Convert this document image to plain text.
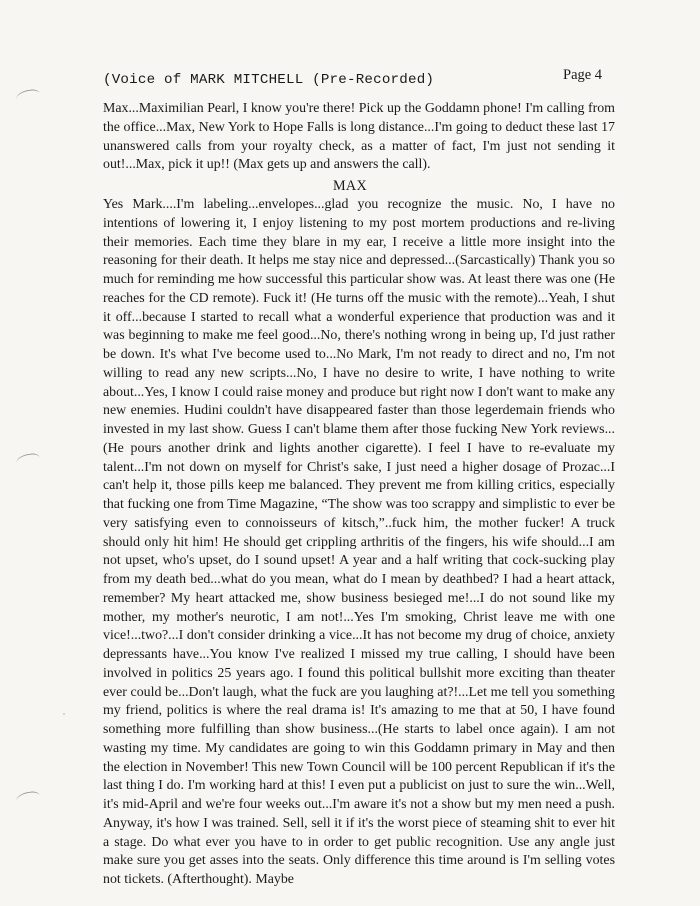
(Voice of MARK MITCHELL (Pre-Recorded)	Page 4
Max...Maximilian Pearl, I know you're there! Pick up the Goddamn phone! I'm calling from the office...Max, New York to Hope Falls is long distance...I'm going to deduct these last 17 unanswered calls from your royalty check, as a matter of fact, I'm just not sending it out!...Max, pick it up!! (Max gets up and answers the call).
MAX
Yes Mark....I'm labeling...envelopes...glad you recognize the music. No, I have no intentions of lowering it, I enjoy listening to my post mortem productions and re-living their memories. Each time they blare in my ear, I receive a little more insight into the reasoning for their death. It helps me stay nice and depressed...(Sarcastically) Thank you so much for reminding me how successful this particular show was. At least there was one (He reaches for the CD remote). Fuck it! (He turns off the music with the remote)...Yeah, I shut it off...because I started to recall what a wonderful experience that production was and it was beginning to make me feel good...No, there's nothing wrong in being up, I'd just rather be down. It's what I've become used to...No Mark, I'm not ready to direct and no, I'm not willing to read any new scripts...No, I have no desire to write, I have nothing to write about...Yes, I know I could raise money and produce but right now I don't want to make any new enemies. Hudini couldn't have disappeared faster than those legerdemain friends who invested in my last show. Guess I can't blame them after those fucking New York reviews...(He pours another drink and lights another cigarette). I feel I have to re-evaluate my talent...I'm not down on myself for Christ's sake, I just need a higher dosage of Prozac...I can't help it, those pills keep me balanced. They prevent me from killing critics, especially that fucking one from Time Magazine, “The show was too scrappy and simplistic to ever be very satisfying even to connoisseurs of kitsch,”..fuck him, the mother fucker! A truck should only hit him! He should get crippling arthritis of the fingers, his wife should...I am not upset, who's upset, do I sound upset! A year and a half writing that cock-sucking play from my death bed...what do you mean, what do I mean by deathbed? I had a heart attack, remember? My heart attacked me, show business besieged me!...I do not sound like my mother, my mother's neurotic, I am not!...Yes I'm smoking, Christ leave me with one vice!...two?...I don't consider drinking a vice...It has not become my drug of choice, anxiety depressants have...You know I've realized I missed my true calling, I should have been involved in politics 25 years ago. I found this political bullshit more exciting than theater ever could be...Don't laugh, what the fuck are you laughing at?!...Let me tell you something my friend, politics is where the real drama is! It's amazing to me that at 50, I have found something more fulfilling than show business...(He starts to label once again). I am not wasting my time. My candidates are going to win this Goddamn primary in May and then the election in November! This new Town Council will be 100 percent Republican if it's the last thing I do. I'm working hard at this! I even put a publicist on just to sure the win...Well, it's mid-April and we're four weeks out...I'm aware it's not a show but my men need a push. Anyway, it's how I was trained. Sell, sell it if it's the worst piece of steaming shit to ever hit a stage. Do what ever you have to in order to get public recognition. Use any angle just make sure you get asses into the seats. Only difference this time around is I'm selling votes not tickets. (Afterthought). Maybe
